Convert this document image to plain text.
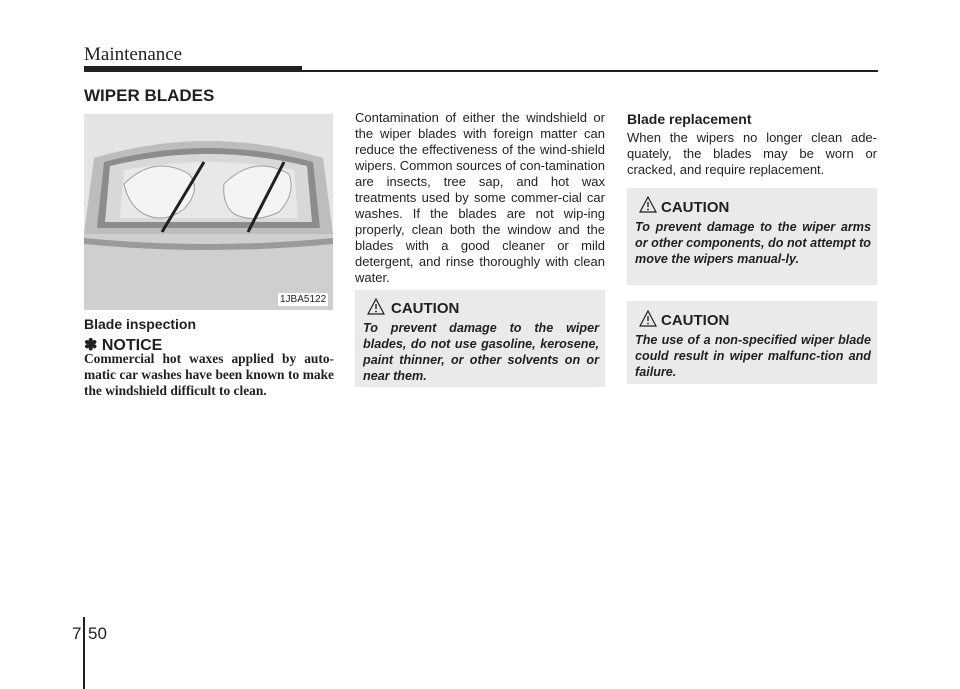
Maintenance
WIPER BLADES
1JBA5122
Blade inspection
✽ NOTICE
Commercial hot waxes applied by auto-matic car washes have been known to make the windshield difficult to clean.
Contamination of either the windshield or the wiper blades with foreign matter can reduce the effectiveness of the wind-shield wipers. Common sources of con-tamination are insects, tree sap, and hot wax treatments used by some commer-cial car washes. If the blades are not wip-ing properly, clean both the window and the blades with a good cleaner or mild detergent, and rinse thoroughly with clean water.
CAUTION
To prevent damage to the wiper blades, do not use gasoline, kerosene, paint thinner, or other solvents on or near them.
Blade replacement
When the wipers no longer clean ade-quately, the blades may be worn or cracked, and require replacement.
CAUTION
To prevent damage to the wiper arms or other components, do not attempt to move the wipers manual-ly.
CAUTION
The use of a non-specified wiper blade could result in wiper malfunc-tion and failure.
7 50
